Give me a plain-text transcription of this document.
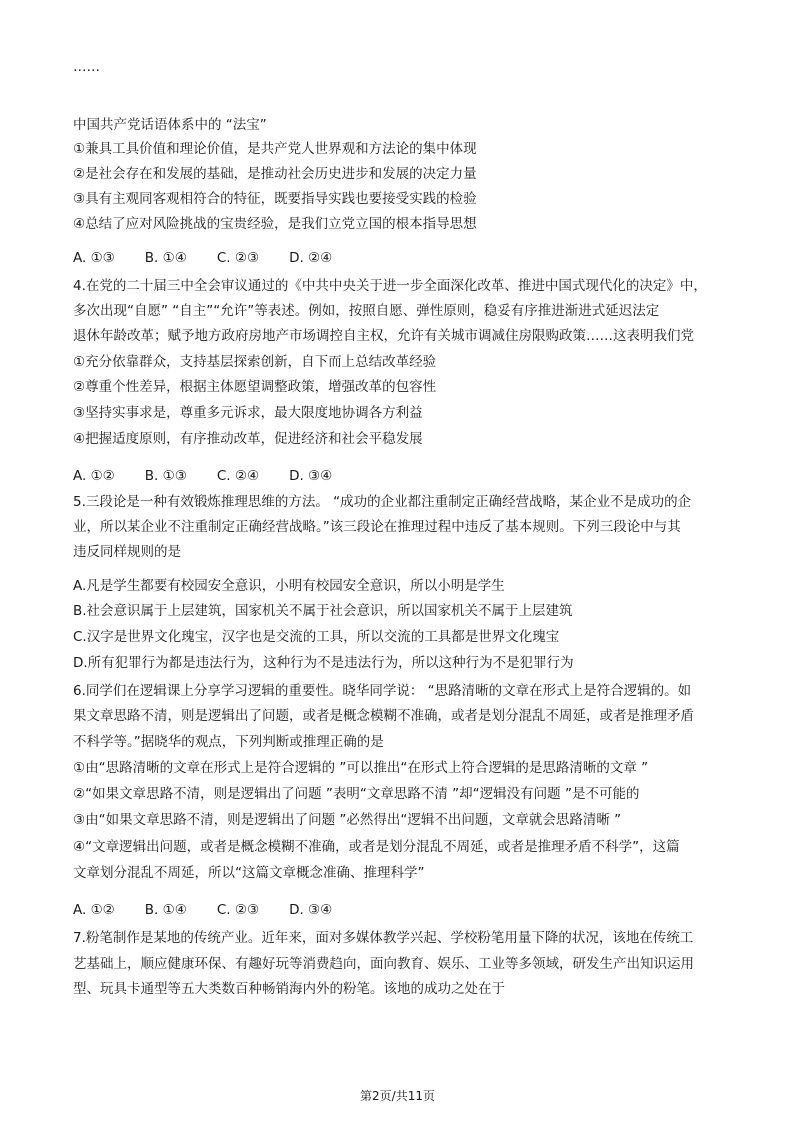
……
中国共产党话语体系中的 “法宝”
①兼具工具价值和理论价值，是共产党人世界观和方法论的集中体现
②是社会存在和发展的基础，是推动社会历史进步和发展的决定力量
③具有主观同客观相符合的特征，既要指导实践也要接受实践的检验
④总结了应对风险挑战的宝贵经验，是我们立党立国的根本指导思想
A. ①③ B. ①④ C. ②③ D. ②④
4.在党的二十届三中全会审议通过的《中共中央关于进一步全面深化改革、推进中国式现代化的决定》中，
多次出现“自愿” “自主”“允许”等表述。例如，按照自愿、弹性原则，稳妥有序推进渐进式延迟法定
退休年龄改革；赋予地方政府房地产市场调控自主权，允许有关城市调减住房限购政策……这表明我们党
①充分依靠群众，支持基层探索创新，自下而上总结改革经验
②尊重个性差异，根据主体愿望调整政策，增强改革的包容性
③坚持实事求是，尊重多元诉求，最大限度地协调各方利益
④把握适度原则，有序推动改革，促进经济和社会平稳发展
A. ①② B. ①③ C. ②④ D. ③④
5.三段论是一种有效锻炼推理思维的方法。 “成功的企业都注重制定正确经营战略，某企业不是成功的企
业，所以某企业不注重制定正确经营战略。”该三段论在推理过程中违反了基本规则。下列三段论中与其
违反同样规则的是
A.凡是学生都要有校园安全意识，小明有校园安全意识，所以小明是学生
B.社会意识属于上层建筑，国家机关不属于社会意识，所以国家机关不属于上层建筑
C.汉字是世界文化瑰宝，汉字也是交流的工具，所以交流的工具都是世界文化瑰宝
D.所有犯罪行为都是违法行为，这种行为不是违法行为，所以这种行为不是犯罪行为
6.同学们在逻辑课上分享学习逻辑的重要性。晓华同学说： “思路清晰的文章在形式上是符合逻辑的。如
果文章思路不清，则是逻辑出了问题，或者是概念模糊不准确，或者是划分混乱不周延，或者是推理矛盾
不科学等。”据晓华的观点，下列判断或推理正确的是
①由“思路清晰的文章在形式上是符合逻辑的 ”可以推出“在形式上符合逻辑的是思路清晰的文章 ”
②“如果文章思路不清，则是逻辑出了问题 ”表明“文章思路不清 ”却“逻辑没有问题 ”是不可能的
③由“如果文章思路不清，则是逻辑出了问题 ”必然得出“逻辑不出问题，文章就会思路清晰 ”
④“文章逻辑出问题，或者是概念模糊不准确，或者是划分混乱不周延，或者是推理矛盾不科学”，这篇
文章划分混乱不周延，所以“这篇文章概念准确、推理科学”
A. ①② B. ①④ C. ②③ D. ③④
7.粉笔制作是某地的传统产业。近年来，面对多媒体教学兴起、学校粉笔用量下降的状况，该地在传统工
艺基础上，顺应健康环保、有趣好玩等消费趋向，面向教育、娱乐、工业等多领域，研发生产出知识运用
型、玩具卡通型等五大类数百种畅销海内外的粉笔。该地的成功之处在于
第2页/共11页
